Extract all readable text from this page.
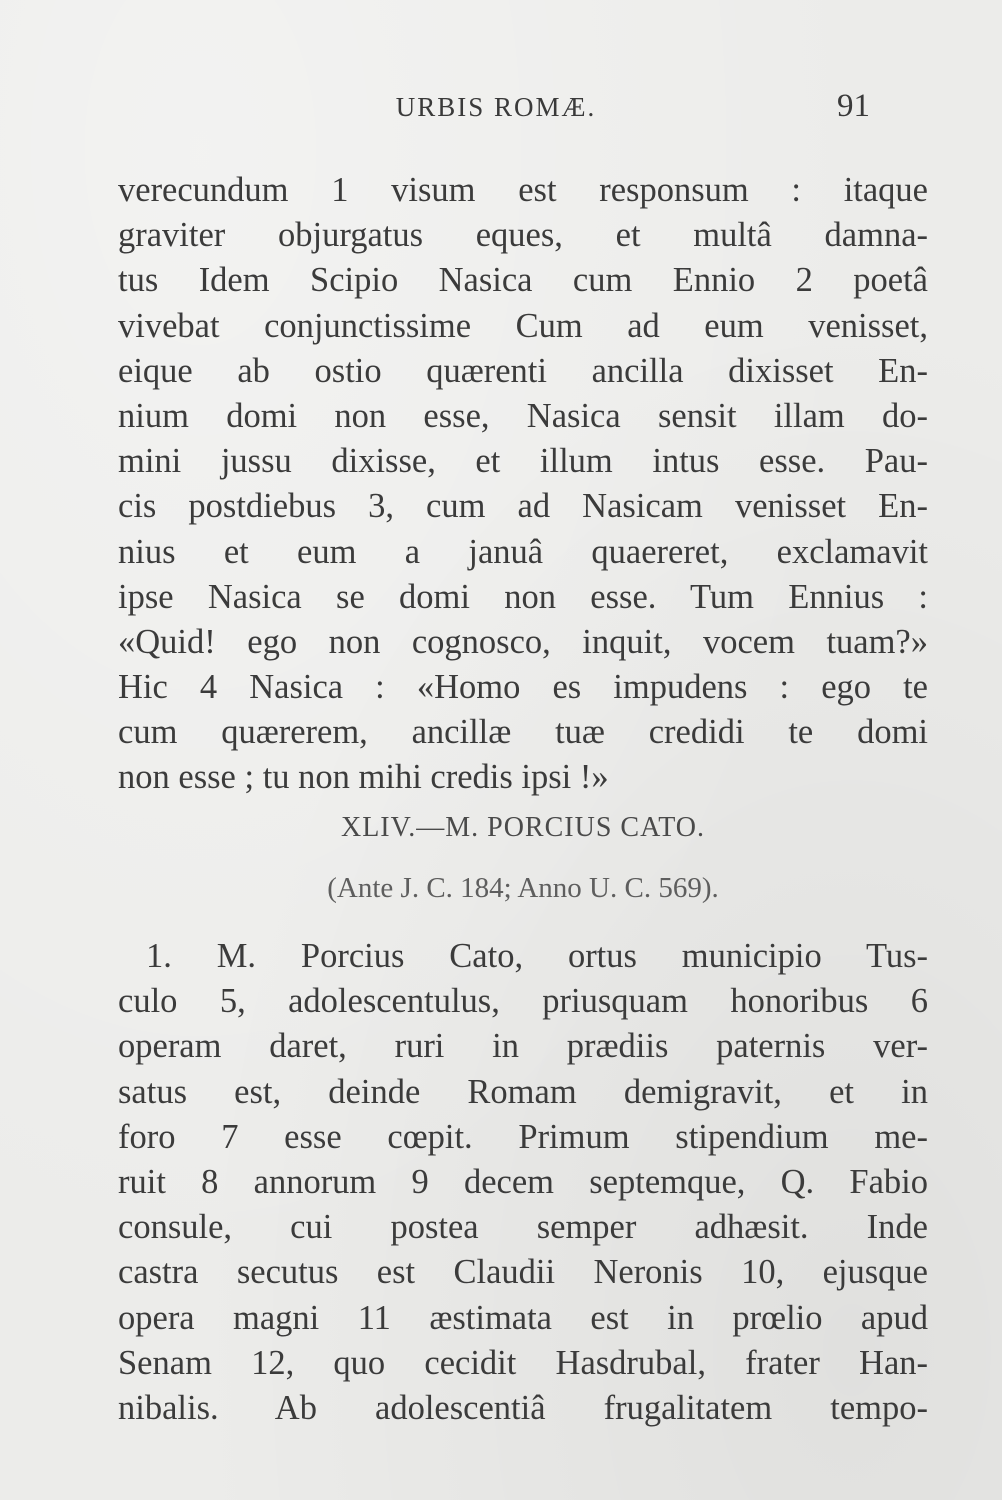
URBIS ROMÆ.	91
verecundum 1 visum est responsum : itaque
graviter objurgatus eques, et multâ damna-
tus Idem Scipio Nasica cum Ennio 2 poetâ
vivebat conjunctissime Cum ad eum venisset,
eique ab ostio quærenti ancilla dixisset En-
nium domi non esse, Nasica sensit illam do-
mini jussu dixisse, et illum intus esse. Pau-
cis postdiebus 3, cum ad Nasicam venisset En-
nius et eum a januâ quaereret, exclamavit
ipse Nasica se domi non esse. Tum Ennius :
«Quid! ego non cognosco, inquit, vocem tuam?»
Hic 4 Nasica : «Homo es impudens : ego te
cum quærerem, ancillæ tuæ credidi te domi
non esse ; tu non mihi credis ipsi !»
XLIV.—M. PORCIUS CATO.
(Ante J. C. 184; Anno U. C. 569).
1. M. Porcius Cato, ortus municipio Tus-
culo 5, adolescentulus, priusquam honoribus 6
operam daret, ruri in prædiis paternis ver-
satus est, deinde Romam demigravit, et in
foro 7 esse cœpit. Primum stipendium me-
ruit 8 annorum 9 decem septemque, Q. Fabio
consule, cui postea semper adhæsit. Inde
castra secutus est Claudii Neronis 10, ejusque
opera magni 11 æstimata est in prœlio apud
Senam 12, quo cecidit Hasdrubal, frater Han-
nibalis. Ab adolescentiâ frugalitatem tempo-
